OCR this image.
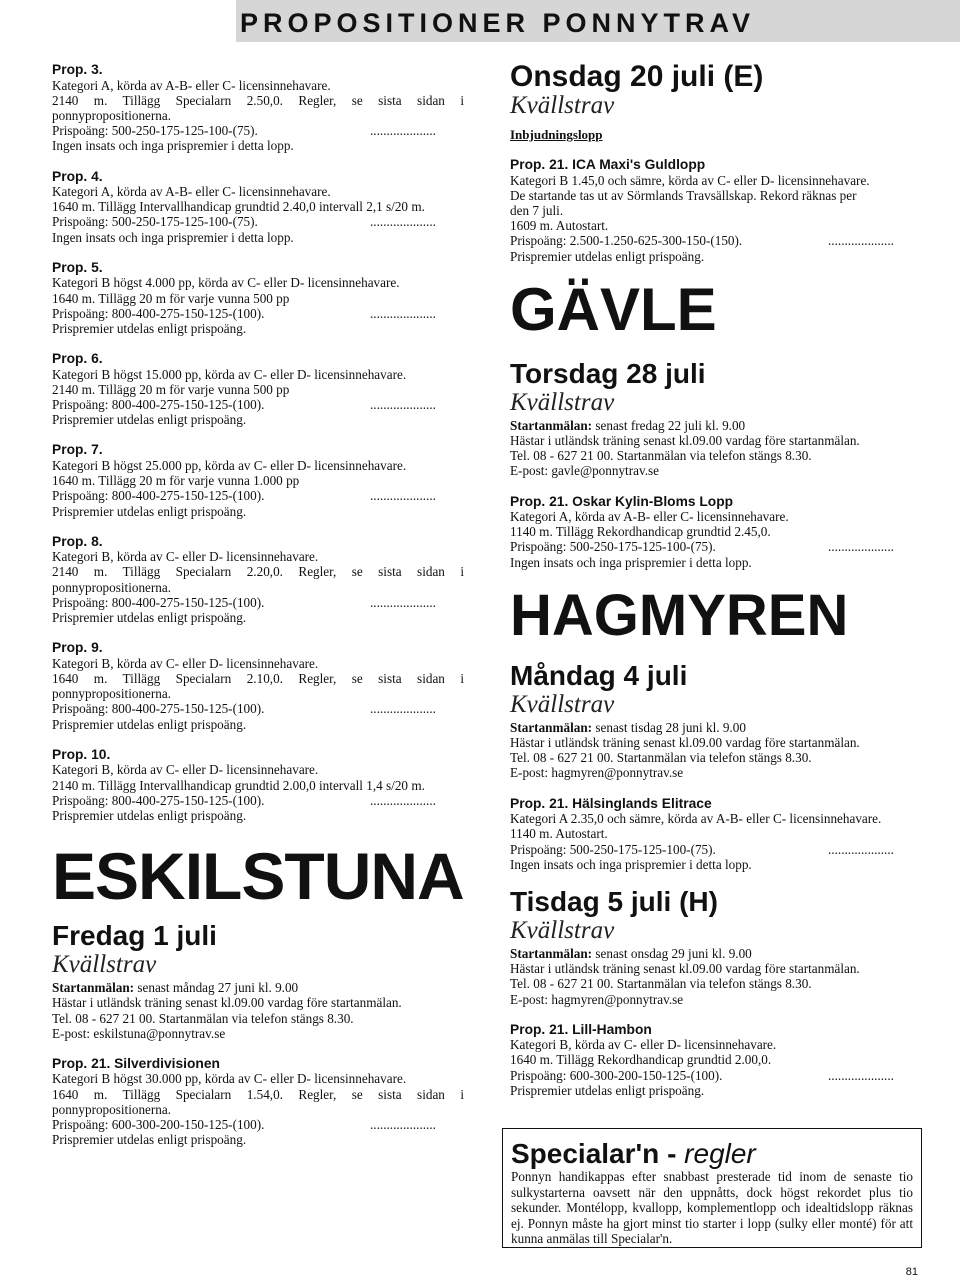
PROPOSITIONER PONNYTRAV
Prop. 3.
Kategori A, körda av A-B- eller C- licensinnehavare.
2140 m. Tillägg Specialarn 2.50,0. Regler, se sista sidan i
ponnypropositionerna.
Prispoäng: 500-250-175-125-100-(75).	....................
Ingen insats och inga prispremier i detta lopp.
Prop. 4.
Kategori A, körda av A-B- eller C- licensinnehavare.
1640 m. Tillägg Intervallhandicap grundtid 2.40,0 intervall 2,1 s/20 m.
Prispoäng: 500-250-175-125-100-(75).	....................
Ingen insats och inga prispremier i detta lopp.
Prop. 5.
Kategori B högst 4.000 pp, körda av C- eller D- licensinnehavare.
1640 m. Tillägg 20 m för varje vunna 500 pp
Prispoäng: 800-400-275-150-125-(100).	....................
Prispremier utdelas enligt prispoäng.
Prop. 6.
Kategori B högst 15.000 pp, körda av C- eller D- licensinnehavare.
2140 m. Tillägg 20 m för varje vunna 500 pp
Prispoäng: 800-400-275-150-125-(100).	....................
Prispremier utdelas enligt prispoäng.
Prop. 7.
Kategori B högst 25.000 pp, körda av C- eller D- licensinnehavare.
1640 m. Tillägg 20 m för varje vunna 1.000 pp
Prispoäng: 800-400-275-150-125-(100).	....................
Prispremier utdelas enligt prispoäng.
Prop. 8.
Kategori B, körda av C- eller D- licensinnehavare.
2140 m. Tillägg Specialarn 2.20,0. Regler, se sista sidan i
ponnypropositionerna.
Prispoäng: 800-400-275-150-125-(100).	....................
Prispremier utdelas enligt prispoäng.
Prop. 9.
Kategori B, körda av C- eller D- licensinnehavare.
1640 m. Tillägg Specialarn 2.10,0. Regler, se sista sidan i
ponnypropositionerna.
Prispoäng: 800-400-275-150-125-(100).	....................
Prispremier utdelas enligt prispoäng.
Prop. 10.
Kategori B, körda av C- eller D- licensinnehavare.
2140 m. Tillägg Intervallhandicap grundtid 2.00,0 intervall 1,4 s/20 m.
Prispoäng: 800-400-275-150-125-(100).	....................
Prispremier utdelas enligt prispoäng.
ESKILSTUNA
Fredag 1 juli
Kvällstrav
Startanmälan: senast måndag 27 juni kl. 9.00
Hästar i utländsk träning senast kl.09.00 vardag före startanmälan.
Tel. 08 - 627 21 00. Startanmälan via telefon stängs 8.30.
E-post: eskilstuna@ponnytrav.se
Prop. 21. Silverdivisionen
Kategori B högst 30.000 pp, körda av C- eller D- licensinnehavare.
1640 m. Tillägg Specialarn 1.54,0. Regler, se sista sidan i
ponnypropositionerna.
Prispoäng: 600-300-200-150-125-(100).	....................
Prispremier utdelas enligt prispoäng.
Onsdag 20 juli (E)
Kvällstrav
Inbjudningslopp
Prop. 21. ICA Maxi's Guldlopp
Kategori B 1.45,0 och sämre, körda av C- eller D- licensinnehavare.
De startande tas ut av Sörmlands Travsällskap. Rekord räknas per
den 7 juli.
1609 m. Autostart.
Prispoäng: 2.500-1.250-625-300-150-(150).	....................
Prispremier utdelas enligt prispoäng.
GÄVLE
Torsdag 28 juli
Kvällstrav
Startanmälan: senast fredag 22 juli kl. 9.00
Hästar i utländsk träning senast kl.09.00 vardag före startanmälan.
Tel. 08 - 627 21 00. Startanmälan via telefon stängs 8.30.
E-post: gavle@ponnytrav.se
Prop. 21. Oskar Kylin-Bloms Lopp
Kategori A, körda av A-B- eller C- licensinnehavare.
1140 m. Tillägg Rekordhandicap grundtid 2.45,0.
Prispoäng: 500-250-175-125-100-(75).	....................
Ingen insats och inga prispremier i detta lopp.
HAGMYREN
Måndag 4 juli
Kvällstrav
Startanmälan: senast tisdag 28 juni kl. 9.00
Hästar i utländsk träning senast kl.09.00 vardag före startanmälan.
Tel. 08 - 627 21 00. Startanmälan via telefon stängs 8.30.
E-post: hagmyren@ponnytrav.se
Prop. 21. Hälsinglands Elitrace
Kategori A 2.35,0 och sämre, körda av A-B- eller C- licensinnehavare.
1140 m. Autostart.
Prispoäng: 500-250-175-125-100-(75).	....................
Ingen insats och inga prispremier i detta lopp.
Tisdag 5 juli (H)
Kvällstrav
Startanmälan: senast onsdag 29 juni kl. 9.00
Hästar i utländsk träning senast kl.09.00 vardag före startanmälan.
Tel. 08 - 627 21 00. Startanmälan via telefon stängs 8.30.
E-post: hagmyren@ponnytrav.se
Prop. 21. Lill-Hambon
Kategori B, körda av C- eller D- licensinnehavare.
1640 m. Tillägg Rekordhandicap grundtid 2.00,0.
Prispoäng: 600-300-200-150-125-(100).	....................
Prispremier utdelas enligt prispoäng.
Specialar'n - regler
Ponnyn handikappas efter snabbast presterade tid inom de senaste tio sulkystarterna oavsett när den uppnåtts, dock högst rekordet plus tio sekunder. Montélopp, kvallopp, komplementlopp och idealtidslopp räknas ej. Ponnyn måste ha gjort minst tio starter i lopp (sulky eller monté) för att kunna anmälas till Specialar'n.
81
